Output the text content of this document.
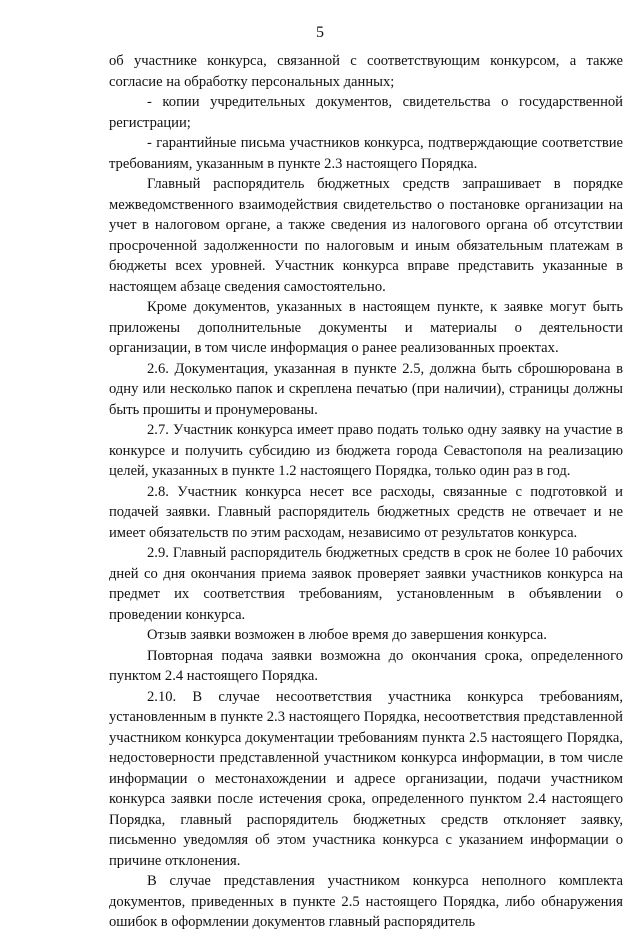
5

об участнике конкурса, связанной с соответствующим конкурсом, а также согласие на обработку персональных данных;

- копии учредительных документов, свидетельства о государственной регистрации;

- гарантийные письма участников конкурса, подтверждающие соответствие требованиям, указанным в пункте 2.3 настоящего Порядка.

Главный распорядитель бюджетных средств запрашивает в порядке межведомственного взаимодействия свидетельство о постановке организации на учет в налоговом органе, а также сведения из налогового органа об отсутствии просроченной задолженности по налоговым и иным обязательным платежам в бюджеты всех уровней. Участник конкурса вправе представить указанные в настоящем абзаце сведения самостоятельно.

Кроме документов, указанных в настоящем пункте, к заявке могут быть приложены дополнительные документы и материалы о деятельности организации, в том числе информация о ранее реализованных проектах.

2.6. Документация, указанная в пункте 2.5, должна быть сброшюрована в одну или несколько папок и скреплена печатью (при наличии), страницы должны быть прошиты и пронумерованы.

2.7. Участник конкурса имеет право подать только одну заявку на участие в конкурсе и получить субсидию из бюджета города Севастополя на реализацию целей, указанных в пункте 1.2 настоящего Порядка, только один раз в год.

2.8. Участник конкурса несет все расходы, связанные с подготовкой и подачей заявки. Главный распорядитель бюджетных средств не отвечает и не имеет обязательств по этим расходам, независимо от результатов конкурса.

2.9. Главный распорядитель бюджетных средств в срок не более 10 рабочих дней со дня окончания приема заявок проверяет заявки участников конкурса на предмет их соответствия требованиям, установленным в объявлении о проведении конкурса.

Отзыв заявки возможен в любое время до завершения конкурса.

Повторная подача заявки возможна до окончания срока, определенного пунктом 2.4 настоящего Порядка.

2.10. В случае несоответствия участника конкурса требованиям, установленным в пункте 2.3 настоящего Порядка, несоответствия представленной участником конкурса документации требованиям пункта 2.5 настоящего Порядка, недостоверности представленной участником конкурса информации, в том числе информации о местонахождении и адресе организации, подачи участником конкурса заявки после истечения срока, определенного пунктом 2.4 настоящего Порядка, главный распорядитель бюджетных средств отклоняет заявку, письменно уведомляя об этом участника конкурса с указанием информации о причине отклонения.

В случае представления участником конкурса неполного комплекта документов, приведенных в пункте 2.5 настоящего Порядка, либо обнаружения ошибок в оформлении документов главный распорядитель
